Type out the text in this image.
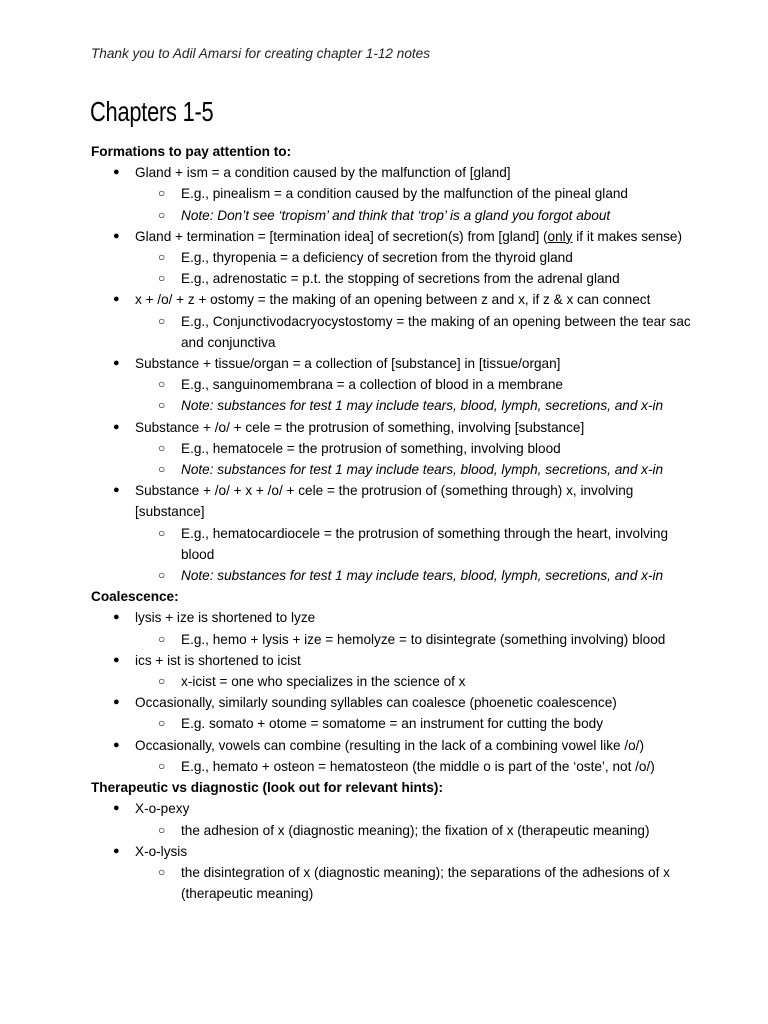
Thank you to Adil Amarsi for creating chapter 1-12 notes
Chapters 1-5
Formations to pay attention to:
● Gland + ism = a condition caused by the malfunction of [gland]
○ E.g., pinealism = a condition caused by the malfunction of the pineal gland
○ Note: Don’t see ‘tropism’ and think that ‘trop’ is a gland you forgot about
● Gland + termination = [termination idea] of secretion(s) from [gland] (only if it makes sense)
○ E.g., thyropenia = a deficiency of secretion from the thyroid gland
○ E.g., adrenostatic = p.t. the stopping of secretions from the adrenal gland
● x + /o/ + z + ostomy = the making of an opening between z and x, if z & x can connect
○ E.g., Conjunctivodacryocystostomy = the making of an opening between the tear sac and conjunctiva
● Substance + tissue/organ = a collection of [substance] in [tissue/organ]
○ E.g., sanguinomembrana = a collection of blood in a membrane
○ Note: substances for test 1 may include tears, blood, lymph, secretions, and x-in
● Substance + /o/ + cele = the protrusion of something, involving [substance]
○ E.g., hematocele = the protrusion of something, involving blood
○ Note: substances for test 1 may include tears, blood, lymph, secretions, and x-in
● Substance + /o/ + x + /o/ + cele = the protrusion of (something through) x, involving [substance]
○ E.g., hematocardiocele = the protrusion of something through the heart, involving blood
○ Note: substances for test 1 may include tears, blood, lymph, secretions, and x-in
Coalescence:
● lysis + ize is shortened to lyze
○ E.g., hemo + lysis + ize = hemolyze = to disintegrate (something involving) blood
● ics + ist is shortened to icist
○ x-icist = one who specializes in the science of x
● Occasionally, similarly sounding syllables can coalesce (phoenetic coalescence)
○ E.g. somato + otome = somatome = an instrument for cutting the body
● Occasionally, vowels can combine (resulting in the lack of a combining vowel like /o/)
○ E.g., hemato + osteon = hematosteon (the middle o is part of the ‘oste’, not /o/)
Therapeutic vs diagnostic (look out for relevant hints):
● X-o-pexy
○ the adhesion of x (diagnostic meaning); the fixation of x (therapeutic meaning)
● X-o-lysis
○ the disintegration of x (diagnostic meaning); the separations of the adhesions of x (therapeutic meaning)
